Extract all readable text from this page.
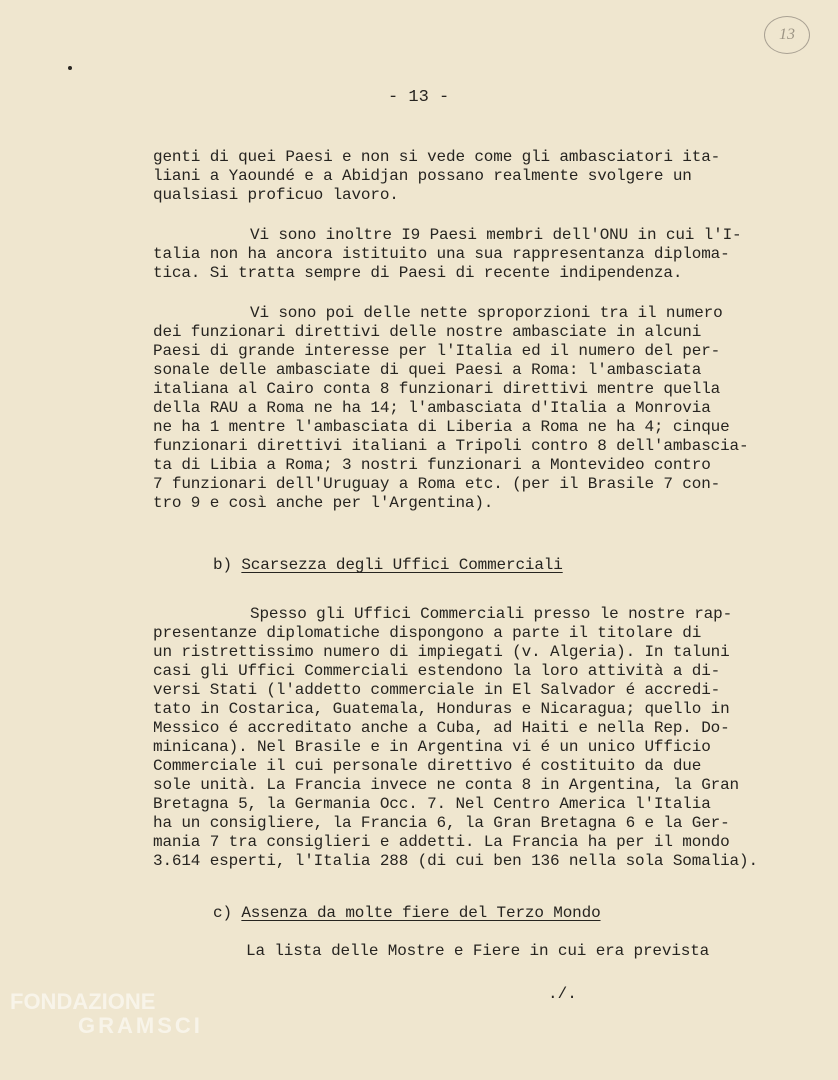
13
- 13 -

genti di quei Paesi e non si vede come gli ambasciatori ita-

liani a Yaoundé e a Abidjan possano realmente svolgere un

qualsiasi proficuo lavoro.

Vi sono inoltre I9 Paesi membri dell'ONU in cui l'I-

talia non ha ancora istituito una sua rappresentanza diploma-

tica. Si tratta sempre di Paesi di recente indipendenza.

Vi sono poi delle nette sproporzioni tra il numero

dei funzionari direttivi delle nostre ambasciate in alcuni

Paesi di grande interesse per l'Italia ed il numero del per-

sonale delle ambasciate di quei Paesi a Roma: l'ambasciata

italiana al Cairo conta 8 funzionari direttivi mentre quella

della RAU a Roma ne ha 14; l'ambasciata d'Italia a Monrovia

ne ha 1 mentre l'ambasciata di Liberia a Roma ne ha 4; cinque

funzionari direttivi italiani a Tripoli contro 8 dell'ambascia-

ta di Libia a Roma; 3 nostri funzionari a Montevideo contro

7 funzionari dell'Uruguay a Roma etc. (per il Brasile 7 con-

tro 9 e così anche per l'Argentina).

b) Scarsezza degli Uffici Commerciali

Spesso gli Uffici Commerciali presso le nostre rap-

presentanze diplomatiche dispongono a parte il titolare di

un ristrettissimo numero di impiegati (v. Algeria). In taluni

casi gli Uffici Commerciali estendono la loro attività a di-

versi Stati (l'addetto commerciale in El Salvador é accredi-

tato in Costarica, Guatemala, Honduras e Nicaragua; quello in

Messico é accreditato anche a Cuba, ad Haiti e nella Rep. Do-

minicana). Nel Brasile e in Argentina vi é un unico Ufficio

Commerciale il cui personale direttivo é costituito da due

sole unità. La Francia invece ne conta 8 in Argentina, la Gran

Bretagna 5, la Germania Occ. 7. Nel Centro America l'Italia

ha un consigliere, la Francia 6, la Gran Bretagna 6 e la Ger-

mania 7 tra consiglieri e addetti. La Francia ha per il mondo

3.614 esperti, l'Italia 288 (di cui ben 136 nella sola Somalia).

c) Assenza da molte fiere del Terzo Mondo

La lista delle Mostre e Fiere in cui era prevista

./.
FONDAZIONE
GRAMSCI
